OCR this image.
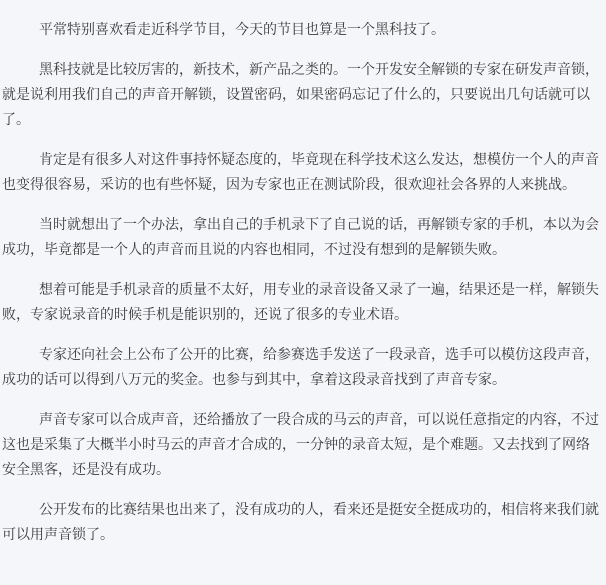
平常特别喜欢看走近科学节目，今天的节目也算是一个黑科技了。

黑科技就是比较厉害的，新技术，新产品之类的。一个开发安全解锁的专家在研发声音锁，就是说利用我们自己的声音开解锁，设置密码，如果密码忘记了什么的，只要说出几句话就可以了。

肯定是有很多人对这件事持怀疑态度的，毕竟现在科学技术这么发达，想模仿一个人的声音也变得很容易，采访的也有些怀疑，因为专家也正在测试阶段，很欢迎社会各界的人来挑战。

当时就想出了一个办法，拿出自己的手机录下了自己说的话，再解锁专家的手机，本以为会成功，毕竟都是一个人的声音而且说的内容也相同，不过没有想到的是解锁失败。

想着可能是手机录音的质量不太好，用专业的录音设备又录了一遍，结果还是一样，解锁失败，专家说录音的时候手机是能识别的，还说了很多的专业术语。

专家还向社会上公布了公开的比赛，给参赛选手发送了一段录音，选手可以模仿这段声音，成功的话可以得到八万元的奖金。也参与到其中，拿着这段录音找到了声音专家。

声音专家可以合成声音，还给播放了一段合成的马云的声音，可以说任意指定的内容，不过这也是采集了大概半小时马云的声音才合成的，一分钟的录音太短，是个难题。又去找到了网络安全黑客，还是没有成功。

公开发布的比赛结果也出来了，没有成功的人，看来还是挺安全挺成功的，相信将来我们就可以用声音锁了。
